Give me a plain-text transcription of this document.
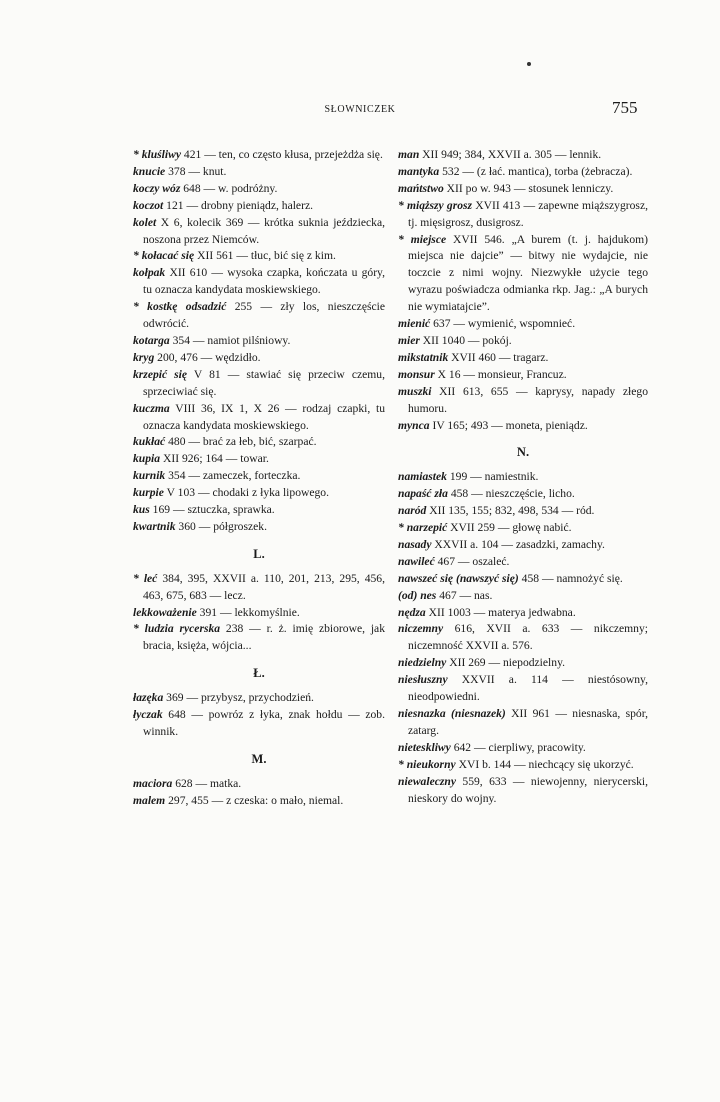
SŁOWNICZEK	755

* kluśliwy 421 — ten, co często kłusa, przejeżdża się.

knucie 378 — knut.

koczy wóz 648 — w. podróżny.

koczot 121 — drobny pieniądz, halerz.

kolet X 6, kolecik 369 — krótka suknia jeździecka, noszona przez Niemców.

* kołacać się XII 561 — tłuc, bić się z kim.

kołpak XII 610 — wysoka czapka, kończata u góry, tu oznacza kandydata moskiewskiego.

* kostkę odsadzić 255 — zły los, nieszczęście odwrócić.

kotarga 354 — namiot pilśniowy.

kryg 200, 476 — wędzidło.

krzepić się V 81 — stawiać się przeciw czemu, sprzeciwiać się.

kuczma VIII 36, IX 1, X 26 — rodzaj czapki, tu oznacza kandydata moskiewskiego.

kukłać 480 — brać za łeb, bić, szarpać.

kupia XII 926; 164 — towar.

kurnik 354 — zameczek, forteczka.

kurpie V 103 — chodaki z łyka lipowego.

kus 169 — sztuczka, sprawka.

kwartnik 360 — półgroszek.

L.

* leć 384, 395, XXVII a. 110, 201, 213, 295, 456, 463, 675, 683 — lecz.

lekkoważenie 391 — lekkomyślnie.

* ludzia rycerska 238 — r. ż. imię zbiorowe, jak bracia, księża, wójcia...

Ł.

łazęka 369 — przybysz, przychodzień.

łyczak 648 — powróz z łyka, znak hołdu — zob. winnik.

M.

maciora 628 — matka.

malem 297, 455 — z czeska: o mało, niemal.

man XII 949; 384, XXVII a. 305 — lennik.

mantyka 532 — (z łać. mantica), torba (żebracza).

mańtstwo XII po w. 943 — stosunek lenniczy.

* miąższy grosz XVII 413 — zapewne miąższygrosz, tj. mięsigrosz, dusigrosz.

* miejsce XVII 546. „A burem (t. j. hajdukom) miejsca nie dajcie” — bitwy nie wydajcie, nie toczcie z nimi wojny. Niezwykłe użycie tego wyrazu poświadcza odmianka rkp. Jag.: „A burych nie wymiatajcie”.

mienić 637 — wymienić, wspomnieć.

mier XII 1040 — pokój.

mikstatnik XVII 460 — tragarz.

monsur X 16 — monsieur, Francuz.

muszki XII 613, 655 — kaprysy, napady złego humoru.

mynca IV 165; 493 — moneta, pieniądz.

N.

namiastek 199 — namiestnik.

napaść zła 458 — nieszczęście, licho.

naród XII 135, 155; 832, 498, 534 — ród.

* narzepić XVII 259 — głowę nabić.

nasady XXVII a. 104 — zasadzki, zamachy.

nawileć 467 — oszaleć.

nawszeć się (nawszyć się) 458 — namnożyć się.

(od) nes 467 — nas.

nędza XII 1003 — materya jedwabna.

niczemny 616, XVII a. 633 — nikczemny; niczemność XXVII a. 576.

niedzielny XII 269 — niepodzielny.

niesłuszny XXVII a. 114 — niestósowny, nieodpowiedni.

niesnazka (niesnazek) XII 961 — niesnaska, spór, zatarg.

nieteskliwy 642 — cierpliwy, pracowity.

* nieukorny XVI b. 144 — niechcący się ukorzyć.

niewaleczny 559, 633 — niewojenny, nierycerski, nieskory do wojny.
